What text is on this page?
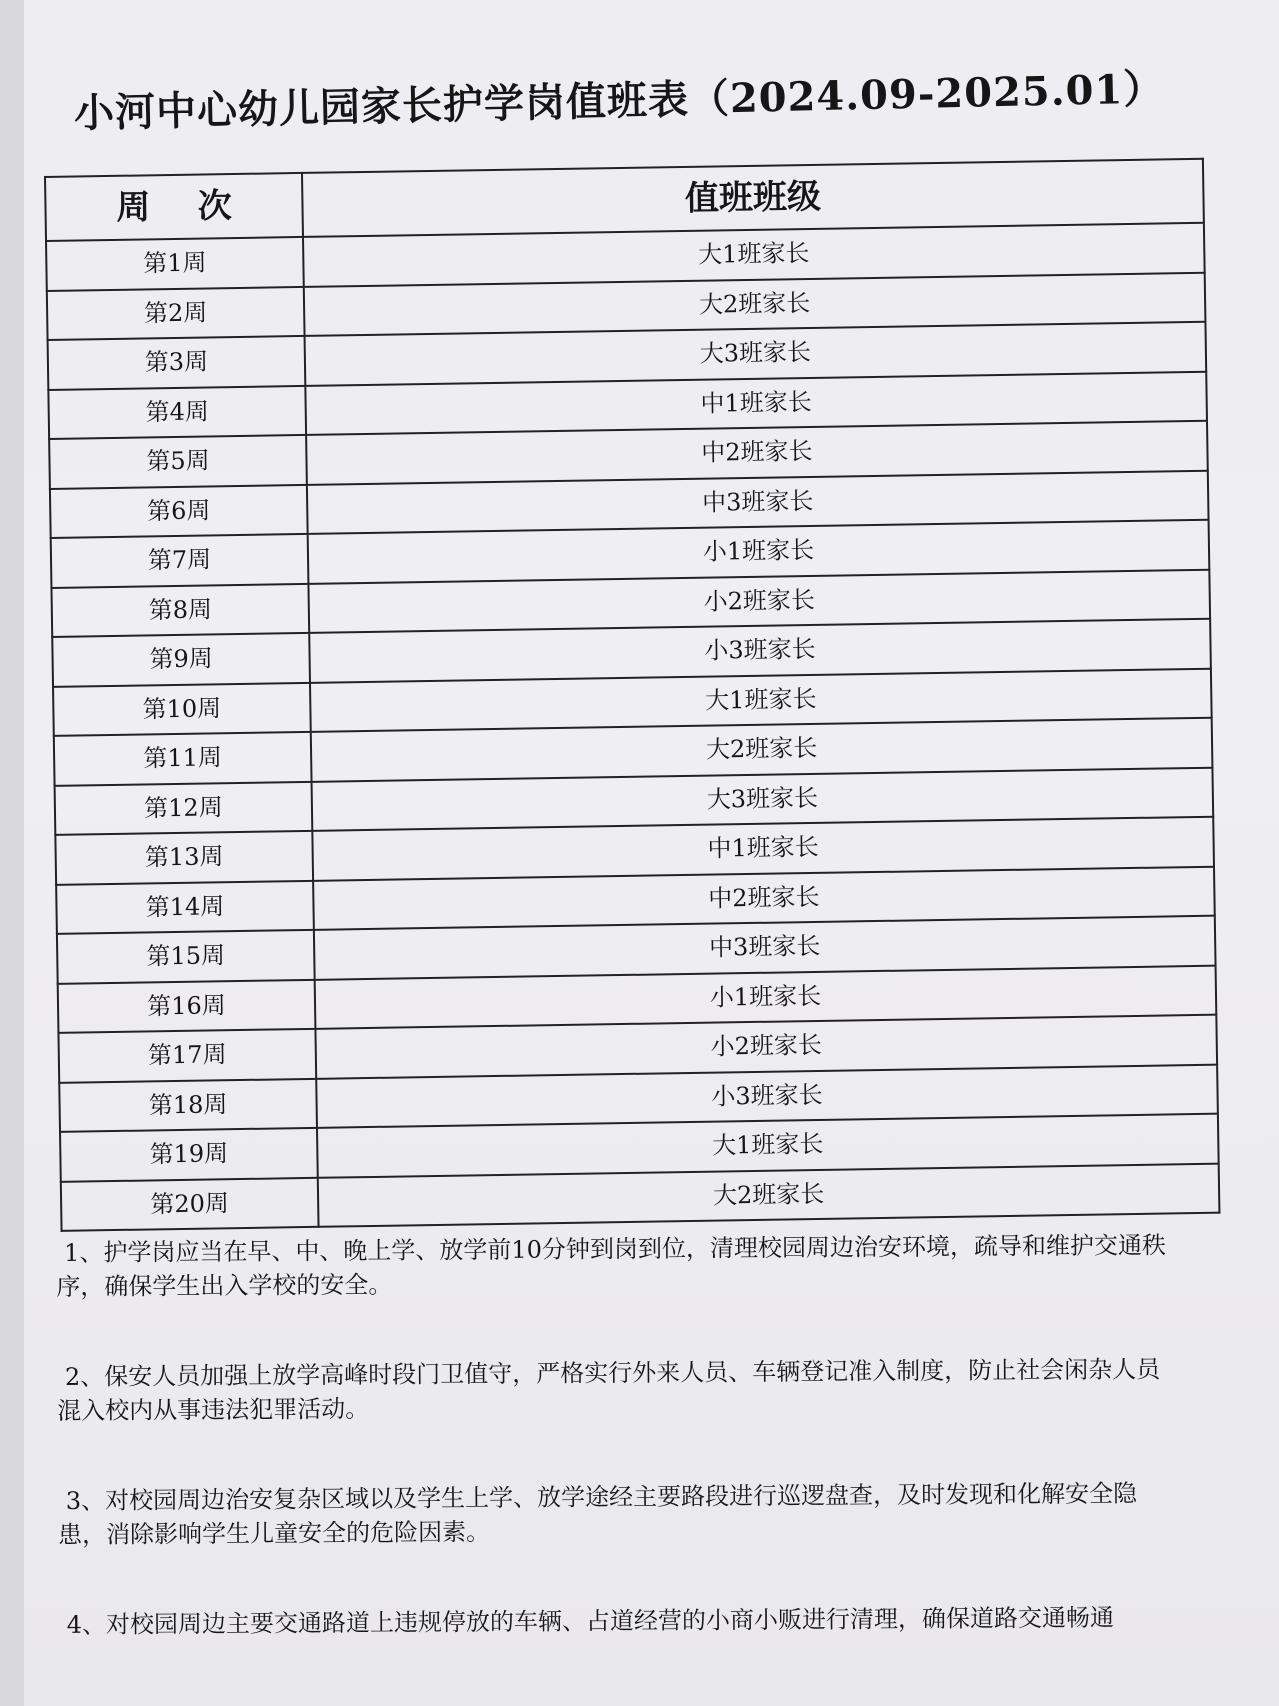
小河中心幼儿园家长护学岗值班表（2024.09-2025.01）
周    次	值班班级
第1周	大1班家长
第2周	大2班家长
第3周	大3班家长
第4周	中1班家长
第5周	中2班家长
第6周	中3班家长
第7周	小1班家长
第8周	小2班家长
第9周	小3班家长
第10周	大1班家长
第11周	大2班家长
第12周	大3班家长
第13周	中1班家长
第14周	中2班家长
第15周	中3班家长
第16周	小1班家长
第17周	小2班家长
第18周	小3班家长
第19周	大1班家长
第20周	大2班家长

1、护学岗应当在早、中、晚上学、放学前10分钟到岗到位，清理校园周边治安环境，疏导和维护交通秩序，确保学生出入学校的安全。

2、保安人员加强上放学高峰时段门卫值守，严格实行外来人员、车辆登记准入制度，防止社会闲杂人员混入校内从事违法犯罪活动。

3、对校园周边治安复杂区域以及学生上学、放学途经主要路段进行巡逻盘查，及时发现和化解安全隐患，消除影响学生儿童安全的危险因素。

4、对校园周边主要交通路道上违规停放的车辆、占道经营的小商小贩进行清理，确保道路交通畅通
